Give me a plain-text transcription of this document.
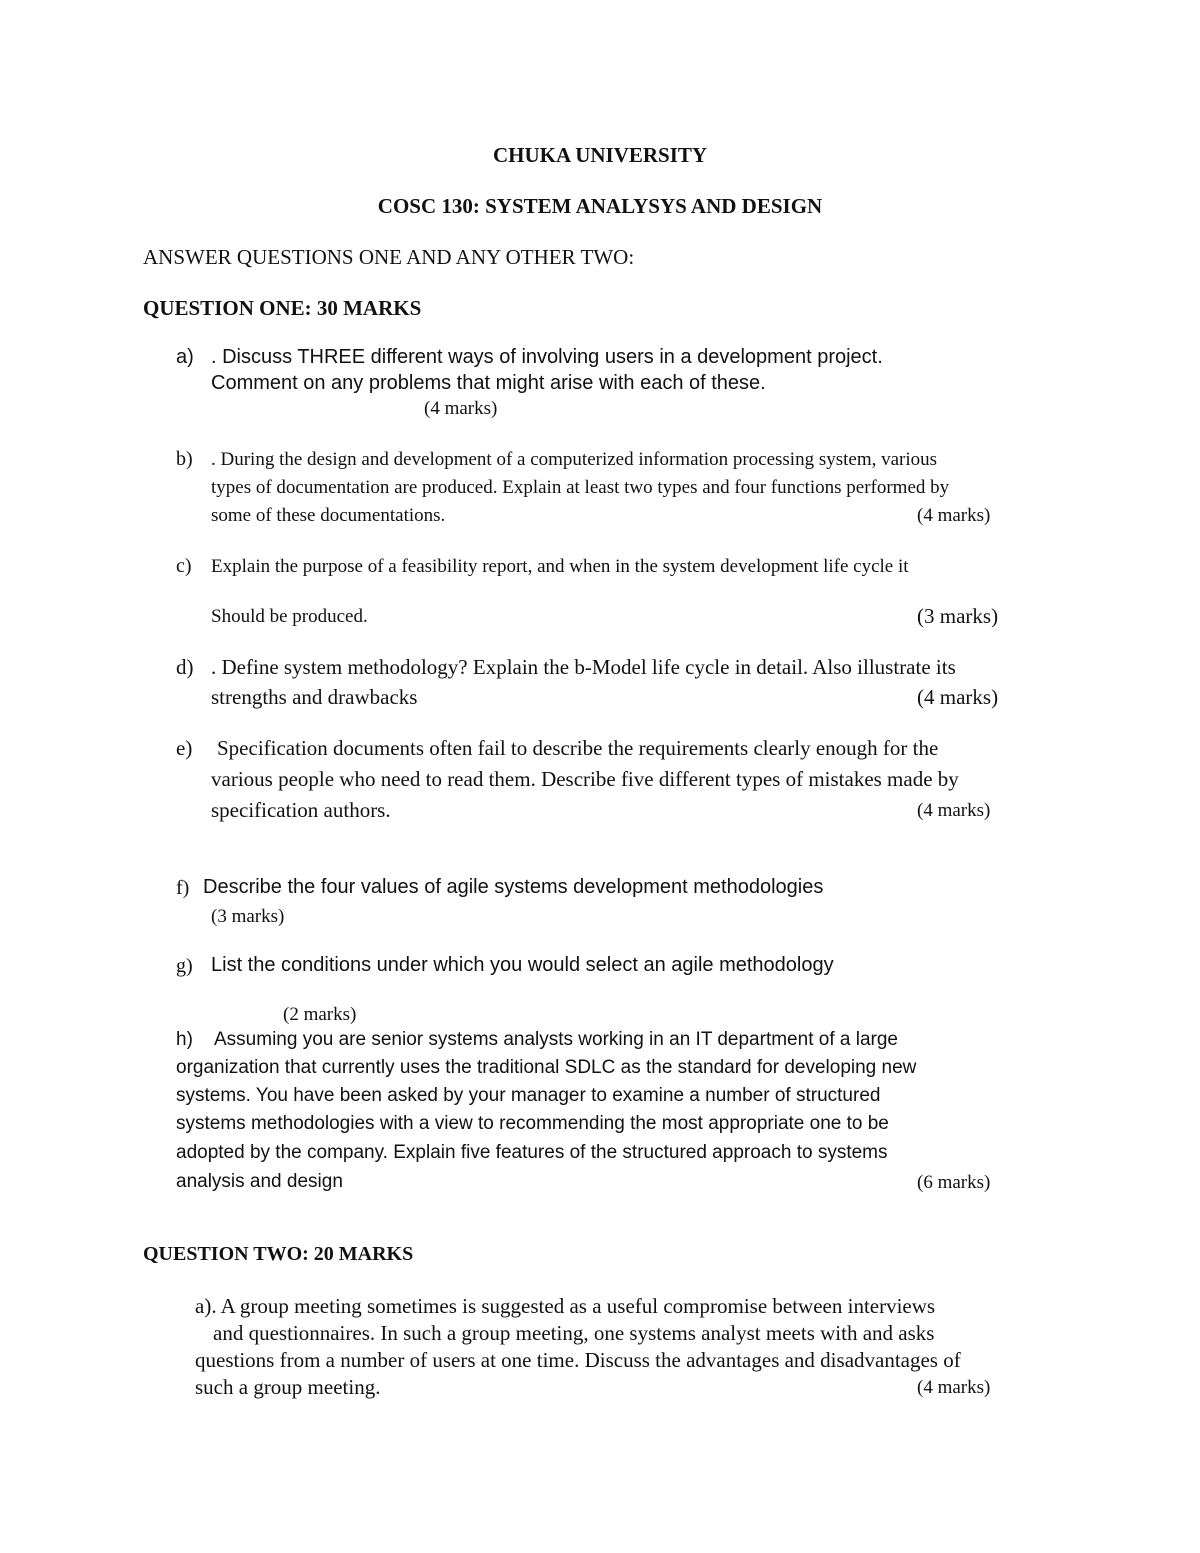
CHUKA UNIVERSITY
COSC 130: SYSTEM ANALYSYS AND DESIGN
ANSWER QUESTIONS ONE AND ANY OTHER TWO:
QUESTION ONE: 30 MARKS
a) . Discuss THREE different ways of involving users in a development project.
Comment on any problems that might arise with each of these.
(4 marks)
b) . During the design and development of a computerized information processing system, various
types of documentation are produced. Explain at least two types and four functions performed by
some of these documentations.	(4 marks)
c) Explain the purpose of a feasibility report, and when in the system development life cycle it
Should be produced.	(3 marks)
d) . Define system methodology? Explain the b-Model life cycle in detail. Also illustrate its
strengths and drawbacks	(4 marks)
e) Specification documents often fail to describe the requirements clearly enough for the
various people who need to read them. Describe five different types of mistakes made by
specification authors.	(4 marks)
f) Describe the four values of agile systems development methodologies
(3 marks)
g) List the conditions under which you would select an agile methodology
(2 marks)
h) Assuming you are senior systems analysts working in an IT department of a large
organization that currently uses the traditional SDLC as the standard for developing new
systems. You have been asked by your manager to examine a number of structured
systems methodologies with a view to recommending the most appropriate one to be
adopted by the company. Explain five features of the structured approach to systems
analysis and design	(6 marks)
QUESTION TWO: 20 MARKS
a). A group meeting sometimes is suggested as a useful compromise between interviews
and questionnaires. In such a group meeting, one systems analyst meets with and asks
questions from a number of users at one time. Discuss the advantages and disadvantages of
such a group meeting.	(4 marks)
